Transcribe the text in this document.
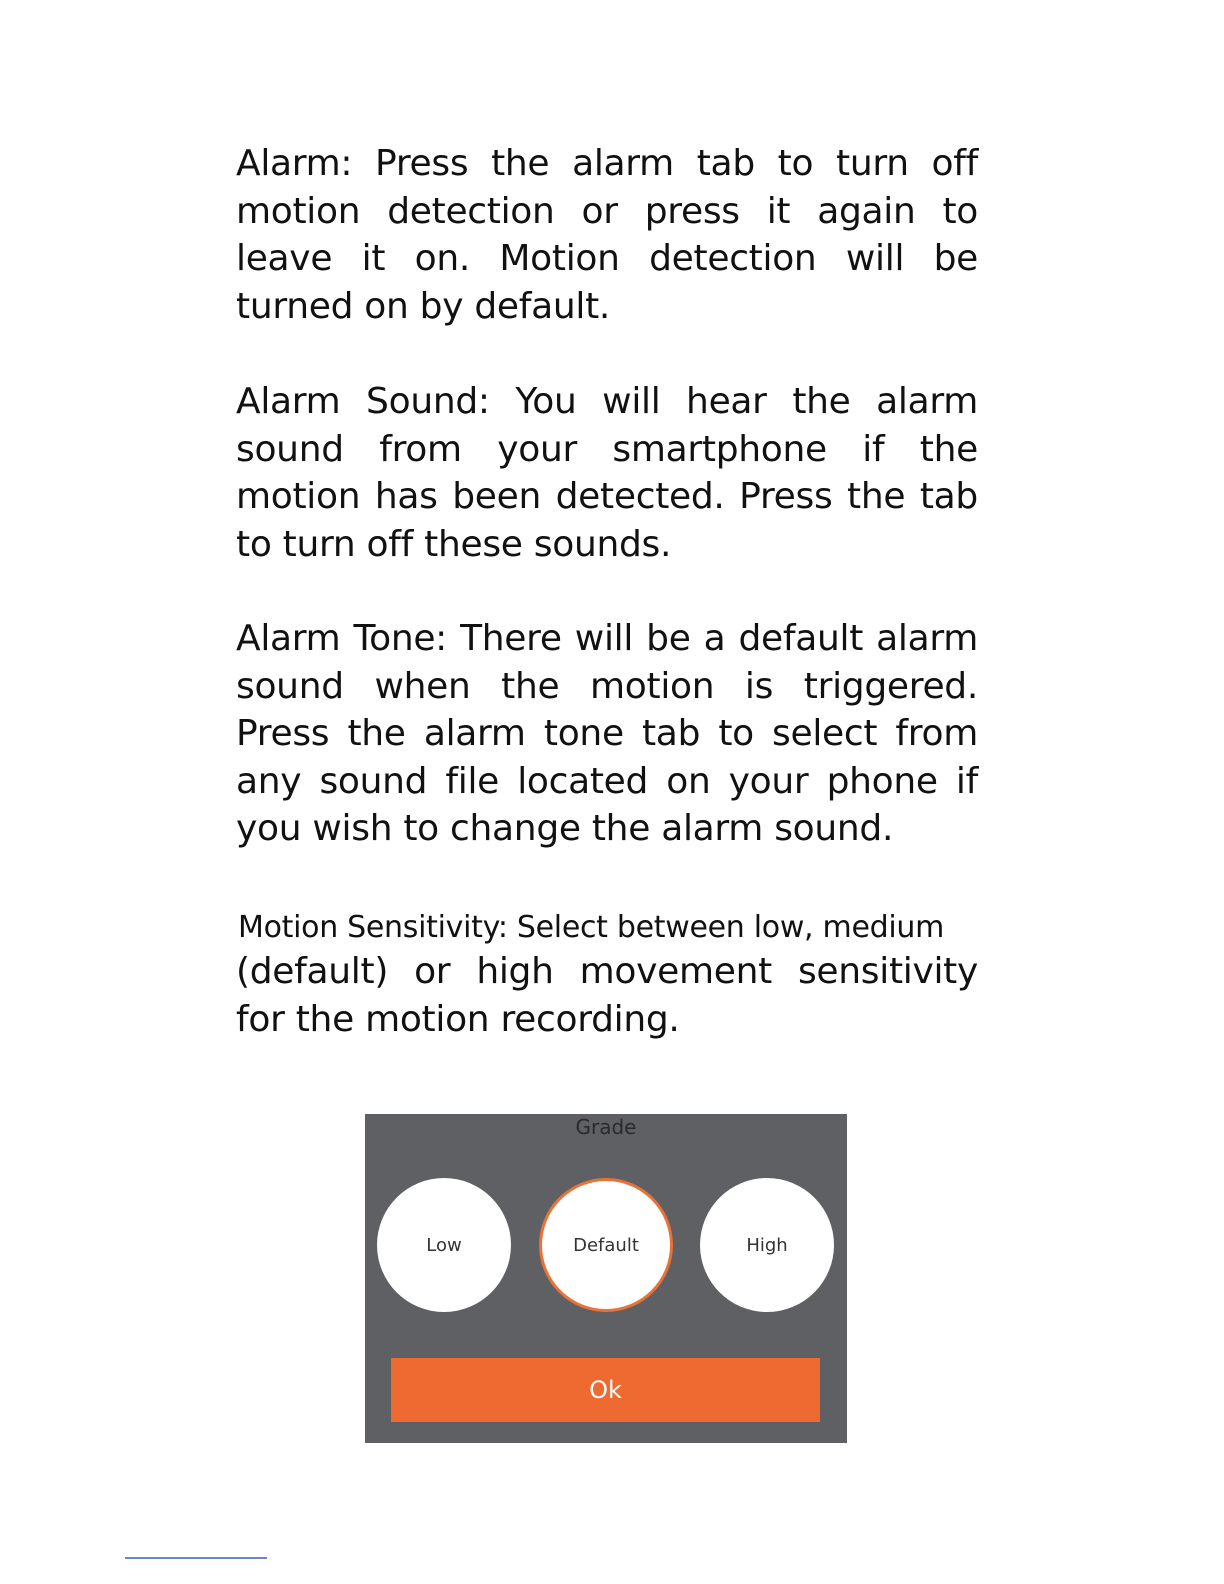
Alarm: Press the alarm tab to turn off motion detection or press it again to leave it on. Motion detection will be turned on by default.

Alarm Sound: You will hear the alarm sound from your smartphone if the motion has been detected. Press the tab to turn off these sounds.

Alarm Tone: There will be a default alarm sound when the motion is triggered. Press the alarm tone tab to select from any sound file located on your phone if you wish to change the alarm sound.

Motion Sensitivity: Select between low, medium
(default) or high movement sensitivity for the motion recording.
Grade
Low	Default	High
Ok
